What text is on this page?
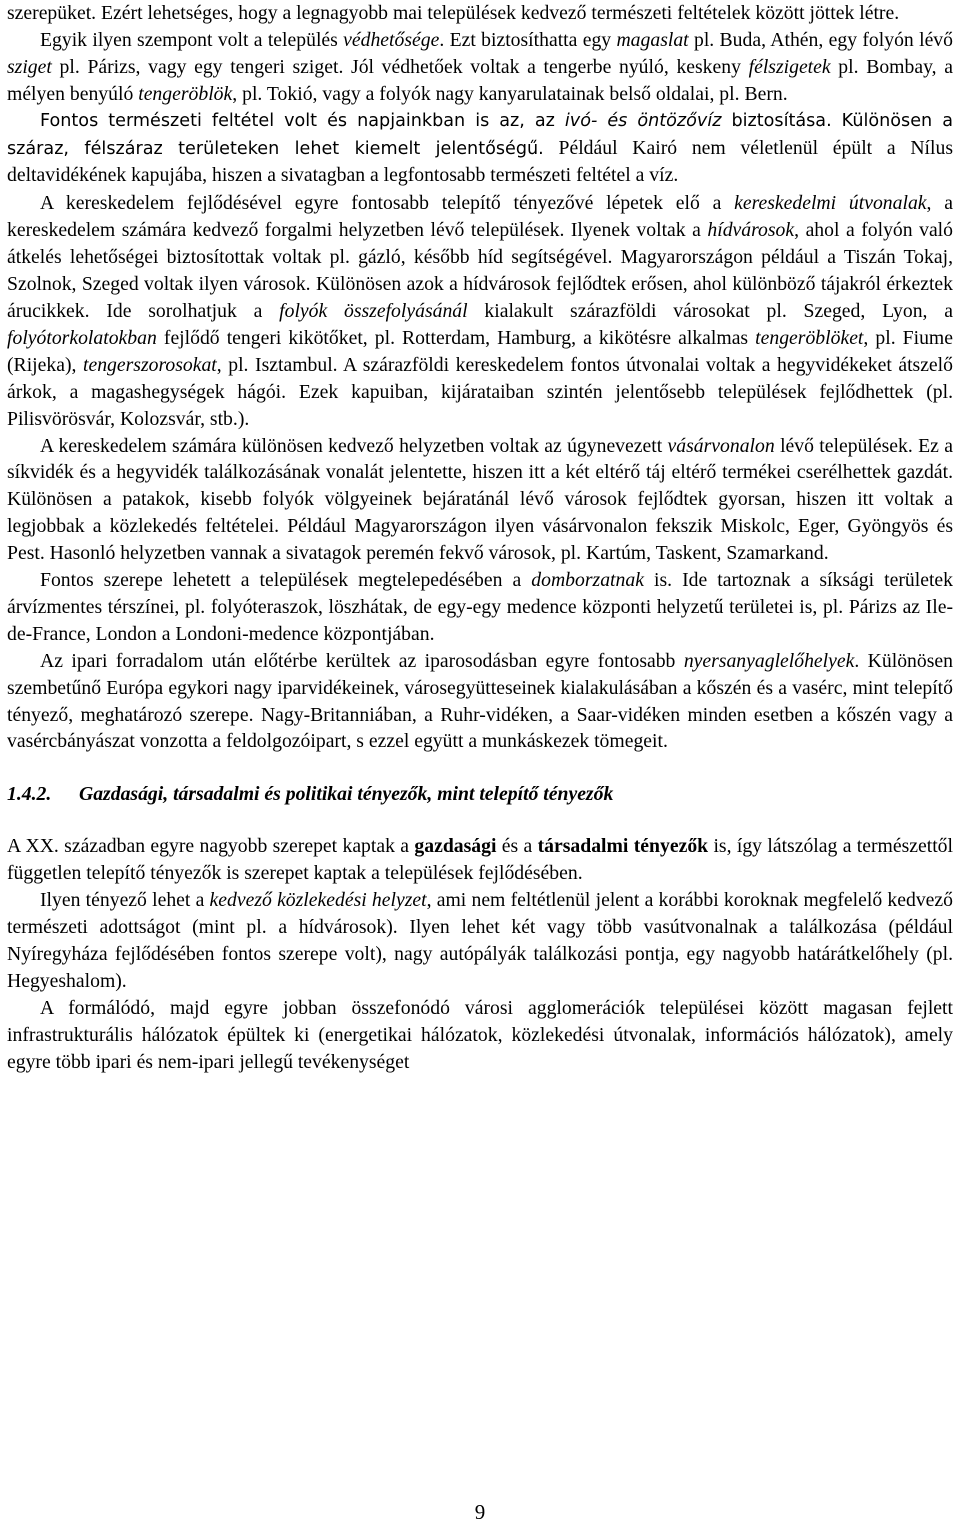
szerepüket. Ezért lehetséges, hogy a legnagyobb mai települések kedvező természeti feltételek között jöttek létre.

Egyik ilyen szempont volt a település védhetősége. Ezt biztosíthatta egy magaslat pl. Buda, Athén, egy folyón lévő sziget pl. Párizs, vagy egy tengeri sziget. Jól védhetőek voltak a tengerbe nyúló, keskeny félszigetek pl. Bombay, a mélyen benyúló tengeröblök, pl. Tokió, vagy a folyók nagy kanyarulatainak belső oldalai, pl. Bern.

Fontos természeti feltétel volt és napjainkban is az, az ivó- és öntözővíz biztosítása. Különösen a száraz, félszáraz területeken lehet kiemelt jelentőségű. Például Kairó nem véletlenül épült a Nílus deltavidékének kapujába, hiszen a sivatagban a legfontosabb természeti feltétel a víz.

A kereskedelem fejlődésével egyre fontosabb telepítő tényezővé lépetek elő a kereskedelmi útvonalak, a kereskedelem számára kedvező forgalmi helyzetben lévő települések. Ilyenek voltak a hídvárosok, ahol a folyón való átkelés lehetőségei biztosítottak voltak pl. gázló, később híd segítségével. Magyarországon például a Tiszán Tokaj, Szolnok, Szeged voltak ilyen városok. Különösen azok a hídvárosok fejlődtek erősen, ahol különböző tájakról érkeztek árucikkek. Ide sorolhatjuk a folyók összefolyásánál kialakult szárazföldi városokat pl. Szeged, Lyon, a folyótorkolatokban fejlődő tengeri kikötőket, pl. Rotterdam, Hamburg, a kikötésre alkalmas tengeröblöket, pl. Fiume (Rijeka), tengerszorosokat, pl. Isztambul. A szárazföldi kereskedelem fontos útvonalai voltak a hegyvidékeket átszelő árkok, a magashegységek hágói. Ezek kapuiban, kijárataiban szintén jelentősebb települések fejlődhettek (pl. Pilisvörösvár, Kolozsvár, stb.).

A kereskedelem számára különösen kedvező helyzetben voltak az úgynevezett vásárvonalon lévő települések. Ez a síkvidék és a hegyvidék találkozásának vonalát jelentette, hiszen itt a két eltérő táj eltérő termékei cserélhettek gazdát. Különösen a patakok, kisebb folyók völgyeinek bejáratánál lévő városok fejlődtek gyorsan, hiszen itt voltak a legjobbak a közlekedés feltételei. Például Magyarországon ilyen vásárvonalon fekszik Miskolc, Eger, Gyöngyös és Pest. Hasonló helyzetben vannak a sivatagok peremén fekvő városok, pl. Kartúm, Taskent, Szamarkand.

Fontos szerepe lehetett a települések megtelepedésében a domborzatnak is. Ide tartoznak a síksági területek árvízmentes térszínei, pl. folyóteraszok, löszhátak, de egy-egy medence központi helyzetű területei is, pl. Párizs az Ile-de-France, London a Londoni-medence központjában.

Az ipari forradalom után előtérbe kerültek az iparosodásban egyre fontosabb nyersanyaglelőhelyek. Különösen szembetűnő Európa egykori nagy iparvidékeinek, városegyütteseinek kialakulásában a kőszén és a vasérc, mint telepítő tényező, meghatározó szerepe. Nagy-Britanniában, a Ruhr-vidéken, a Saar-vidéken minden esetben a kőszén vagy a vasércbányászat vonzotta a feldolgozóipart, s ezzel együtt a munkáskezek tömegeit.

1.4.2. Gazdasági, társadalmi és politikai tényezők, mint telepítő tényezők

A XX. században egyre nagyobb szerepet kaptak a gazdasági és a társadalmi tényezők is, így látszólag a természettől független telepítő tényezők is szerepet kaptak a települések fejlődésében.

Ilyen tényező lehet a kedvező közlekedési helyzet, ami nem feltétlenül jelent a korábbi koroknak megfelelő kedvező természeti adottságot (mint pl. a hídvárosok). Ilyen lehet két vagy több vasútvonalnak a találkozása (például Nyíregyháza fejlődésében fontos szerepe volt), nagy autópályák találkozási pontja, egy nagyobb határátkelőhely (pl. Hegyeshalom).

A formálódó, majd egyre jobban összefonódó városi agglomerációk települései között magasan fejlett infrastrukturális hálózatok épültek ki (energetikai hálózatok, közlekedési útvonalak, információs hálózatok), amely egyre több ipari és nem-ipari jellegű tevékenységet

9
